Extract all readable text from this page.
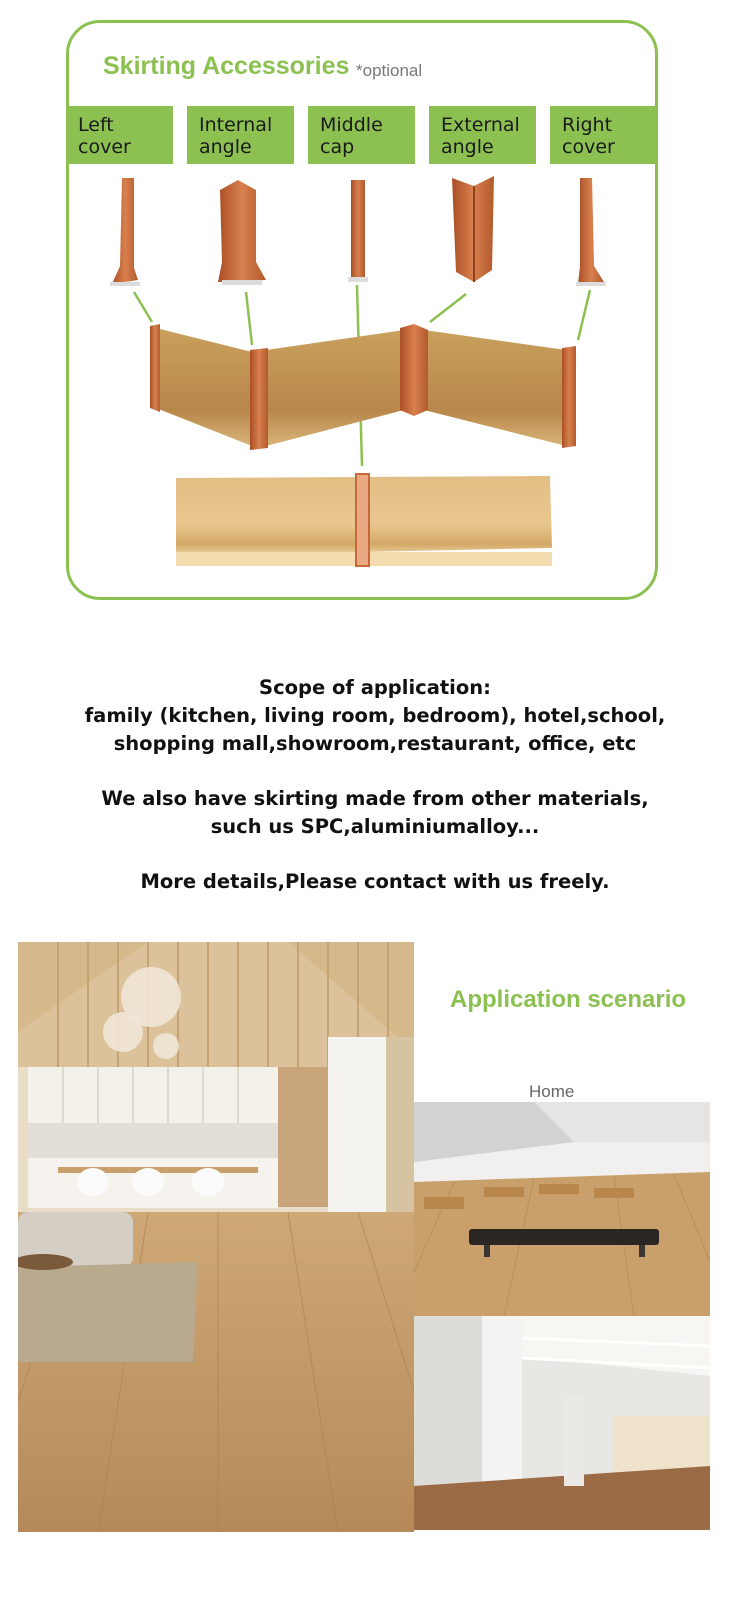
Skirting Accessories *optional
Left
cover
Internal
angle
Middle
cap
External
angle
Right
cover
Scope of application:
family (kitchen, living room, bedroom), hotel,school,
shopping mall,showroom,restaurant, office, etc
We also have skirting made from other materials,
such us SPC,aluminiumalloy...
More details,Please contact with us freely.
Application scenario
Home
